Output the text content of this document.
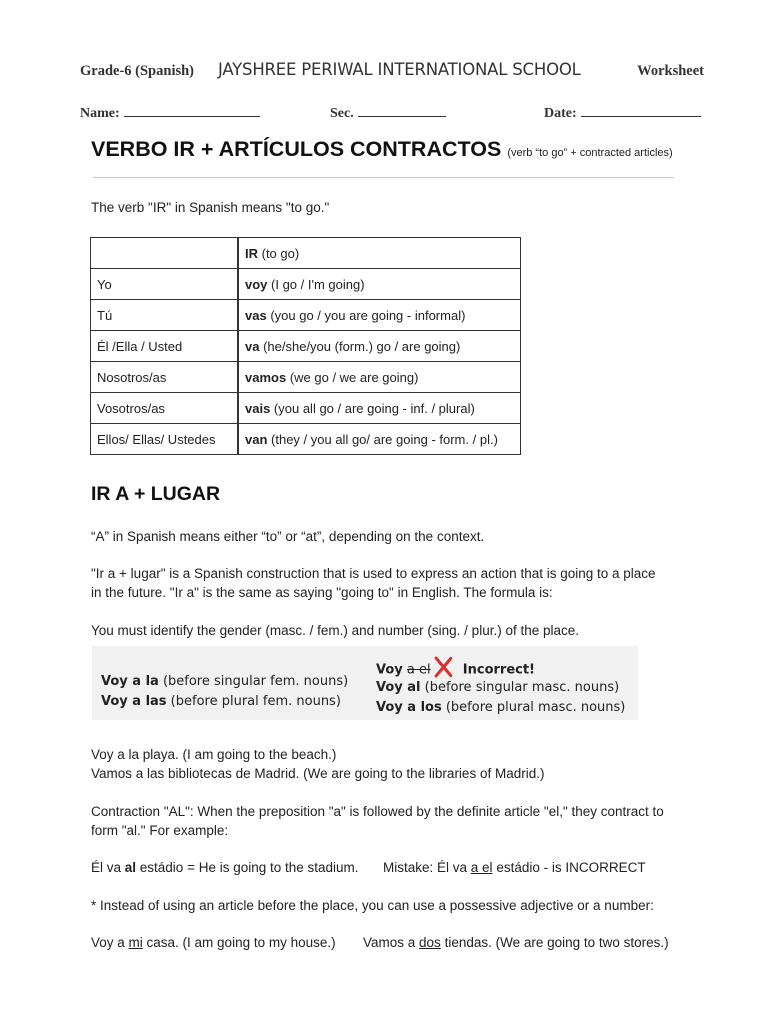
Grade-6 (Spanish) JAYSHREE PERIWAL INTERNATIONAL SCHOOL	Worksheet
Name:	Sec.	Date:
VERBO IR + ARTÍCULOS CONTRACTOS (verb “to go” + contracted articles)
The verb "IR" in Spanish means "to go."
	IR (to go)
Yo	voy (I go / I'm going)
Tú	vas (you go / you are going - informal)
Él /Ella / Usted	va (he/she/you (form.) go / are going)
Nosotros/as	vamos (we go / we are going)
Vosotros/as	vais (you all go / are going - inf. / plural)
Ellos/ Ellas/ Ustedes	van (they / you all go/ are going - form. / pl.)
IR A + LUGAR
“A” in Spanish means either “to” or “at”, depending on the context.
"Ir a + lugar" is a Spanish construction that is used to express an action that is going to a place
in the future. "Ir a" is the same as saying "going to" in English. The formula is:
You must identify the gender (masc. / fem.) and number (sing. / plur.) of the place.
Voy a la (before singular fem. nouns)
Voy a las (before plural fem. nouns)
Voy a el Incorrect!
Voy al (before singular masc. nouns)
Voy a los (before plural masc. nouns)
Voy a la playa. (I am going to the beach.)
Vamos a las bibliotecas de Madrid. (We are going to the libraries of Madrid.)
Contraction "AL": When the preposition "a" is followed by the definite article "el," they contract to
form "al." For example:
Él va al estádio = He is going to the stadium. Mistake: Él va a el estádio - is INCORRECT
* Instead of using an article before the place, you can use a possessive adjective or a number:
Voy a mi casa. (I am going to my house.) Vamos a dos tiendas. (We are going to two stores.)
